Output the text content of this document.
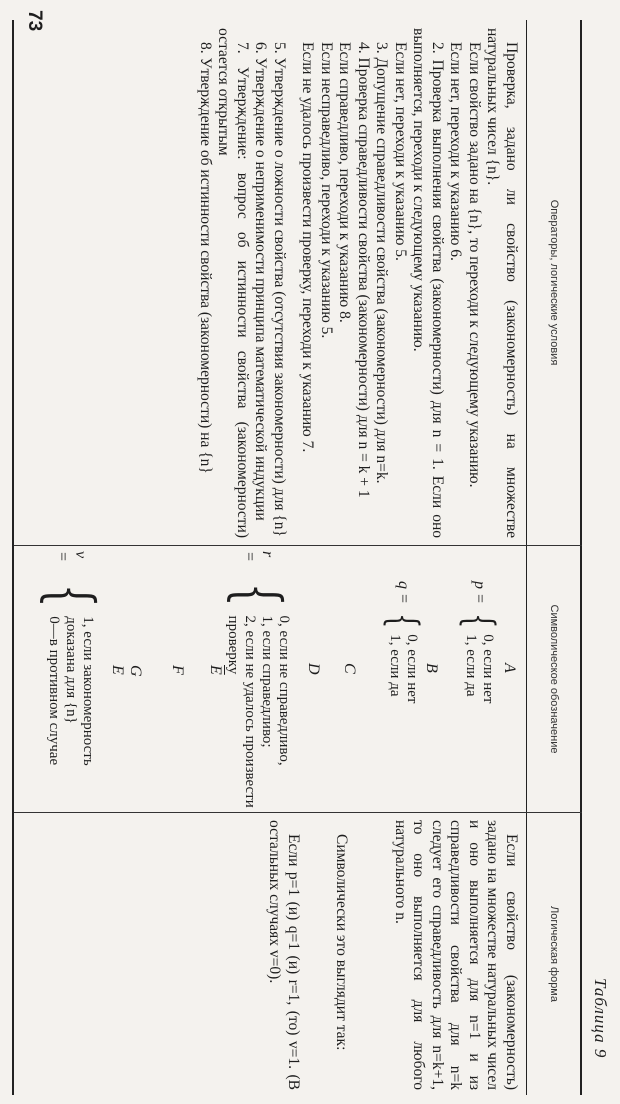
Таблица 9
Операторы, логические условия
Символическое обозначение
Логическая форма

Проверка, задано ли свойство (закономерность) на множестве натуральных чисел {n}.

Если свойство задано на {n}, то переходи к следующему указанию.

Если нет, переходи к указанию 6.

2. Проверка выполнения свойства (закономерности) для n = 1. Если оно выполняется, переходи к следующему указанию.

Если нет, переходи к указанию 5.

3. Допущение справедливости свойства (закономерности) для n=k.

4. Проверка справедливости свойства (закономерности) для n = k + 1

Если справедливо, переходи к указанию 8.

Если несправедливо, переходи к указанию 5.

Если не удалось произвести проверку, переходи к указанию 7.

5. Утверждение о ложности свойства (отсутствия закономерности) для {n}

6. Утверждение о неприменимости принципа математической индукции

7. Утверждение: вопрос об истинности свойства (закономерности) остается открытым

8. Утверждение об истинности свойства (закономерности) на {n}

A
p =
{
0, если нет
1, если да
B
q =
{
0, если нет
1, если да
C
D
r =
{
0, если не справедливо,
1, если справедливо;
2, если не удалось произвести проверку
$\overline{E}$
F
G
E
v =
{
1, если закономерность доказана для {n}
0—в противном случае

Если свойство (закономерность) задано на множестве натуральных чисел и оно выполняется для n=1 и из справедливости свойства для n=k следует его справедливость для n=k+1, то оно выполняется для любого натурального n.

Символически это выглядит так:

Если p=1 (и) q=1 (и) r=1, (то) v=1. (В остальных случаях v=0).

73
